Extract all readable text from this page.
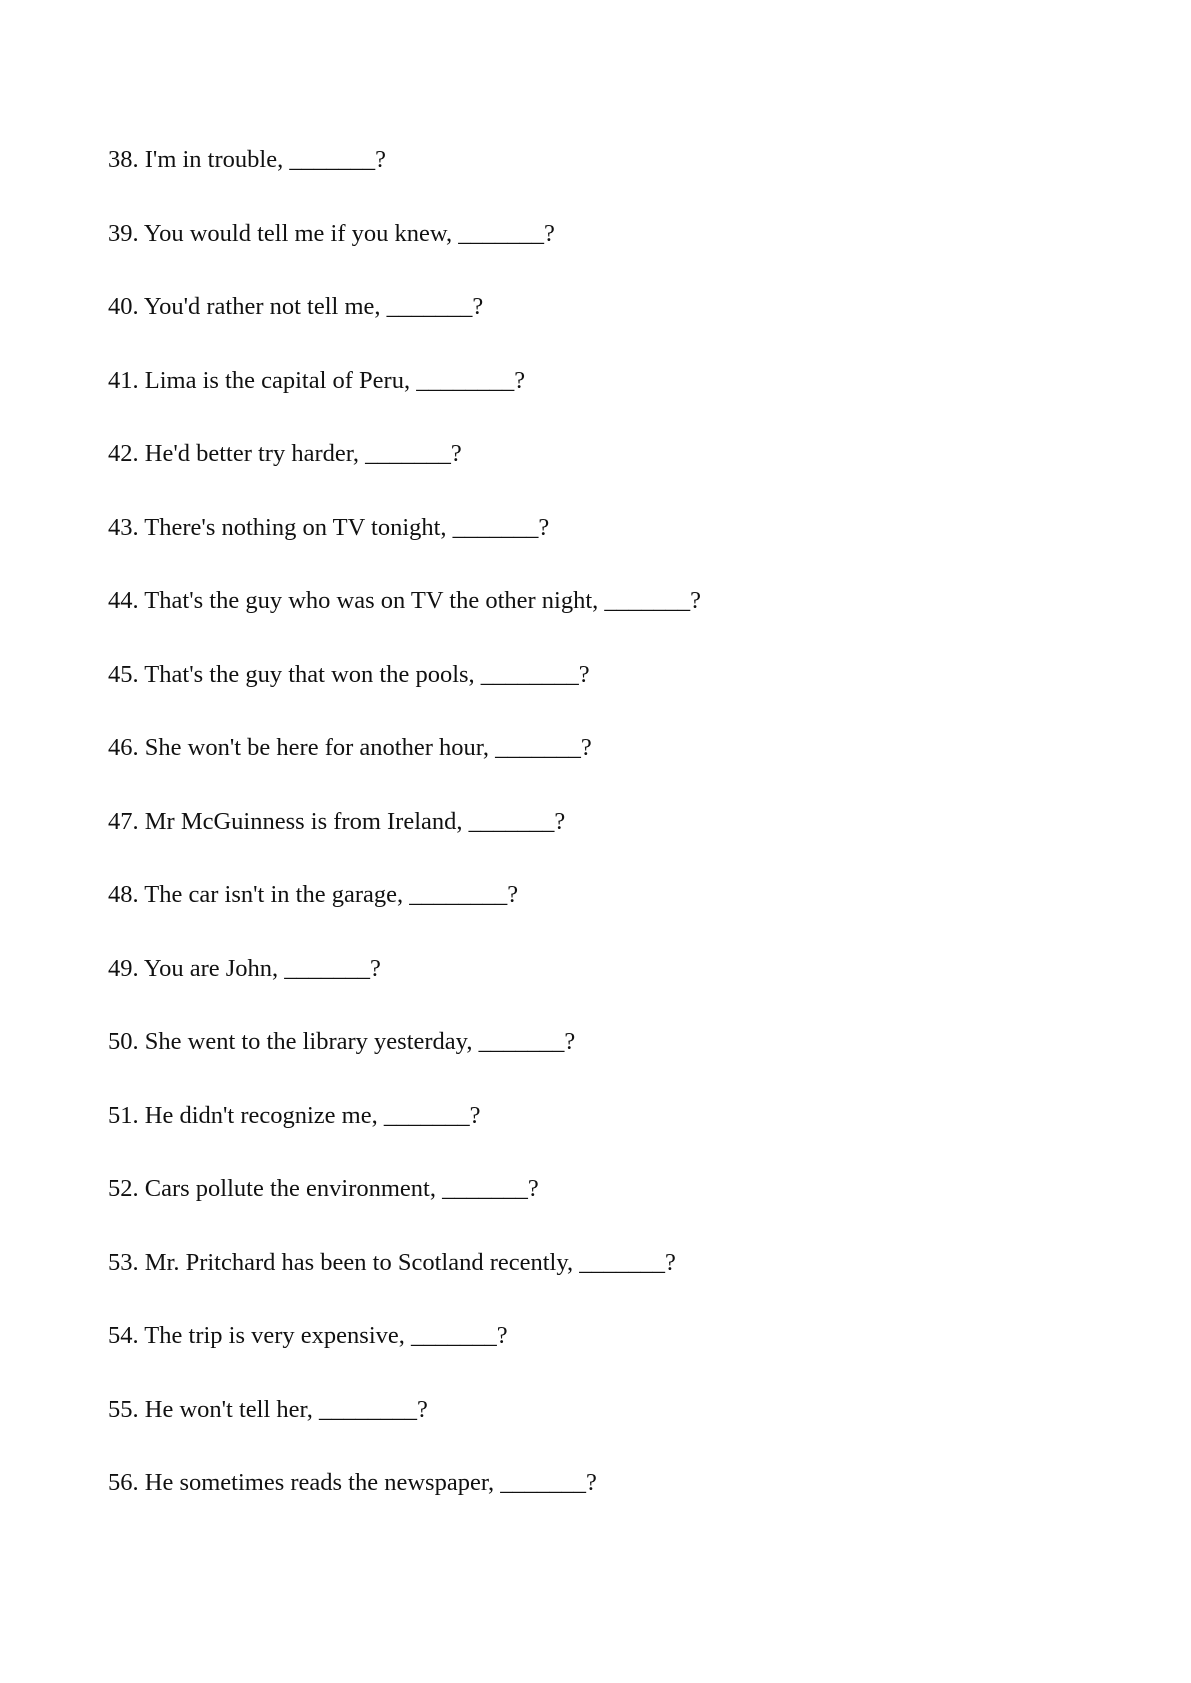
38. I'm in trouble, _______?
39. You would tell me if you knew, _______?
40. You'd rather not tell me, _______?
41. Lima is the capital of Peru, ________?
42. He'd better try harder, _______?
43. There's nothing on TV tonight, _______?
44. That's the guy who was on TV the other night, _______?
45. That's the guy that won the pools, ________?
46. She won't be here for another hour, _______?
47. Mr McGuinness is from Ireland, _______?
48. The car isn't in the garage, ________?
49. You are John, _______?
50. She went to the library yesterday, _______?
51. He didn't recognize me, _______?
52. Cars pollute the environment, _______?
53. Mr. Pritchard has been to Scotland recently, _______?
54. The trip is very expensive, _______?
55. He won't tell her, ________?
56. He sometimes reads the newspaper, _______?
